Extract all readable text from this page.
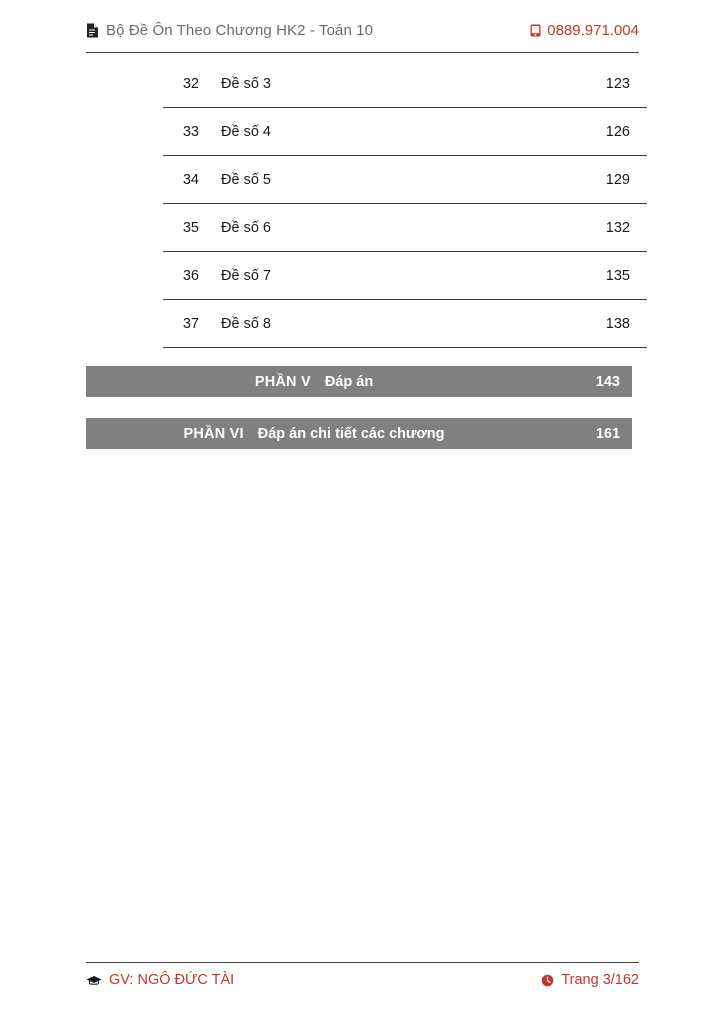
Bộ Đề Ôn Theo Chương HK2 - Toán 10	0889.971.004
32 Đề số 3	123
33 Đề số 4	126
34 Đề số 5	129
35 Đề số 6	132
36 Đề số 7	135
37 Đề số 8	138
PHẦN V Đáp án	143
PHẦN VI Đáp án chi tiết các chương	161
GV: NGÔ ĐỨC TÀI	Trang 3/162
